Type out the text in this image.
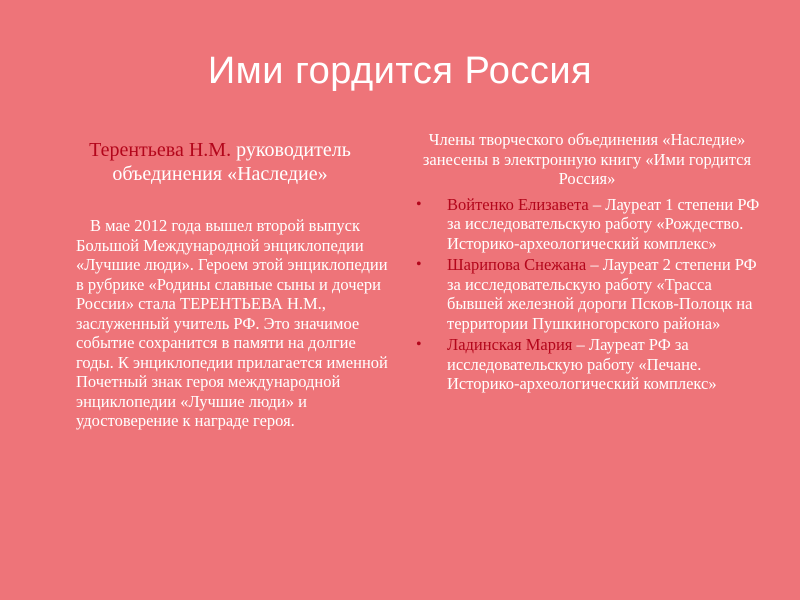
Ими гордится Россия

Терентьева Н.М. руководитель объединения «Наследие»

В мае 2012 года вышел второй выпуск Большой Международной энциклопедии «Лучшие люди». Героем этой энциклопедии в рубрике «Родины славные сыны и дочери России» стала ТЕРЕНТЬЕВА Н.М., заслуженный учитель РФ. Это значимое событие сохранится в памяти на долгие годы. К энциклопедии прилагается именной Почетный знак героя международной энциклопедии «Лучшие люди» и удостоверение к награде героя.

Члены творческого объединения «Наследие» занесены в электронную книгу «Ими гордится Россия»

• Войтенко Елизавета – Лауреат 1 степени РФ за исследовательскую работу «Рождество. Историко-археологический комплекс»
• Шарипова Снежана – Лауреат 2 степени РФ за исследовательскую работу «Трасса бывшей железной дороги Псков-Полоцк на территории Пушкиногорского района»
• Ладинская Мария – Лауреат РФ за исследовательскую работу «Печане. Историко-археологический комплекс»
